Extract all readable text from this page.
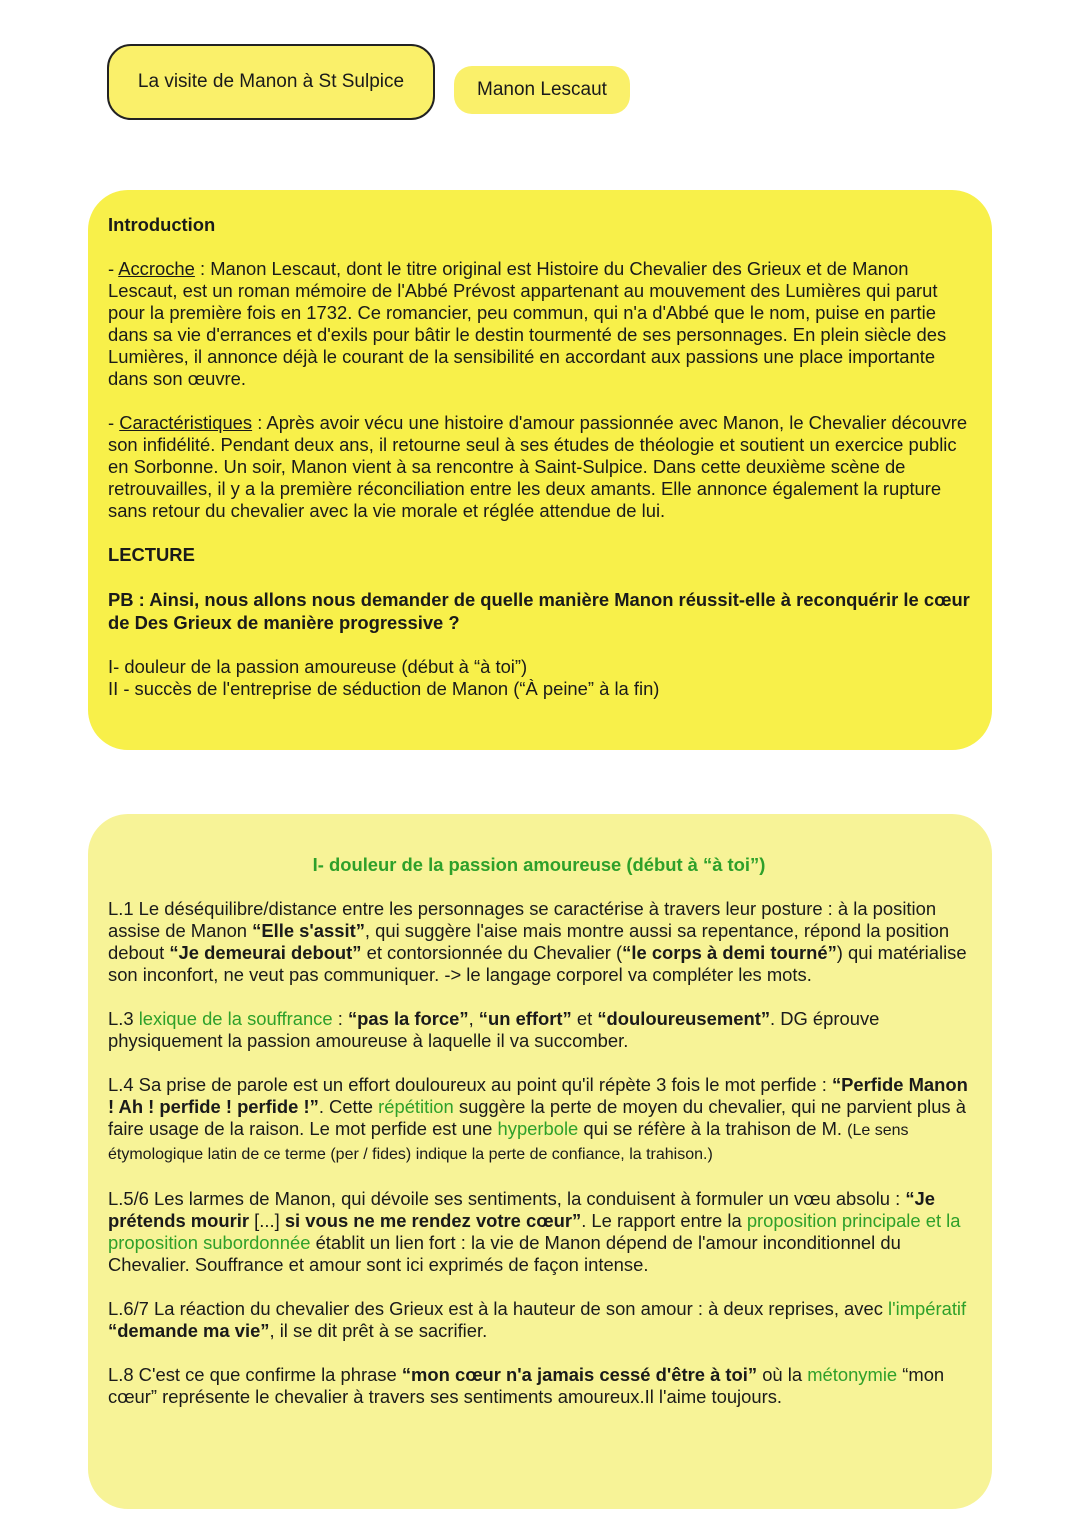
La visite de Manon à St Sulpice	Manon Lescaut

Introduction

- Accroche : Manon Lescaut, dont le titre original est Histoire du Chevalier des Grieux et de Manon Lescaut, est un roman mémoire de l'Abbé Prévost appartenant au mouvement des Lumières qui parut pour la première fois en 1732. Ce romancier, peu commun, qui n'a d'Abbé que le nom, puise en partie dans sa vie d'errances et d'exils pour bâtir le destin tourmenté de ses personnages. En plein siècle des Lumières, il annonce déjà le courant de la sensibilité en accordant aux passions une place importante dans son œuvre.

- Caractéristiques : Après avoir vécu une histoire d'amour passionnée avec Manon, le Chevalier découvre son infidélité. Pendant deux ans, il retourne seul à ses études de théologie et soutient un exercice public en Sorbonne. Un soir, Manon vient à sa rencontre à Saint-Sulpice. Dans cette deuxième scène de retrouvailles, il y a la première réconciliation entre les deux amants. Elle annonce également la rupture sans retour du chevalier avec la vie morale et réglée attendue de lui.

LECTURE

PB : Ainsi, nous allons nous demander de quelle manière Manon réussit-elle à reconquérir le cœur de Des Grieux de manière progressive ?

I- douleur de la passion amoureuse (début à “à toi”)

II - succès de l'entreprise de séduction de Manon (“À peine” à la fin)

I- douleur de la passion amoureuse (début à “à toi”)

L.1 Le déséquilibre/distance entre les personnages se caractérise à travers leur posture : à la position assise de Manon “Elle s'assit”, qui suggère l'aise mais montre aussi sa repentance, répond la position debout “Je demeurai debout” et contorsionnée du Chevalier (“le corps à demi tourné”) qui matérialise son inconfort, ne veut pas communiquer. -> le langage corporel va compléter les mots.

L.3 lexique de la souffrance : “pas la force”, “un effort” et “douloureusement”. DG éprouve physiquement la passion amoureuse à laquelle il va succomber.

L.4 Sa prise de parole est un effort douloureux au point qu'il répète 3 fois le mot perfide : “Perfide Manon ! Ah ! perfide ! perfide !”. Cette répétition suggère la perte de moyen du chevalier, qui ne parvient plus à faire usage de la raison. Le mot perfide est une hyperbole qui se réfère à la trahison de M. (Le sens étymologique latin de ce terme (per / fides) indique la perte de confiance, la trahison.)

L.5/6 Les larmes de Manon, qui dévoile ses sentiments, la conduisent à formuler un vœu absolu : “Je prétends mourir [...] si vous ne me rendez votre cœur”. Le rapport entre la proposition principale et la proposition subordonnée établit un lien fort : la vie de Manon dépend de l'amour inconditionnel du Chevalier. Souffrance et amour sont ici exprimés de façon intense.

L.6/7 La réaction du chevalier des Grieux est à la hauteur de son amour : à deux reprises, avec l'impératif “demande ma vie”, il se dit prêt à se sacrifier.

L.8 C'est ce que confirme la phrase “mon cœur n'a jamais cessé d'être à toi” où la métonymie “mon cœur” représente le chevalier à travers ses sentiments amoureux.Il l'aime toujours.
